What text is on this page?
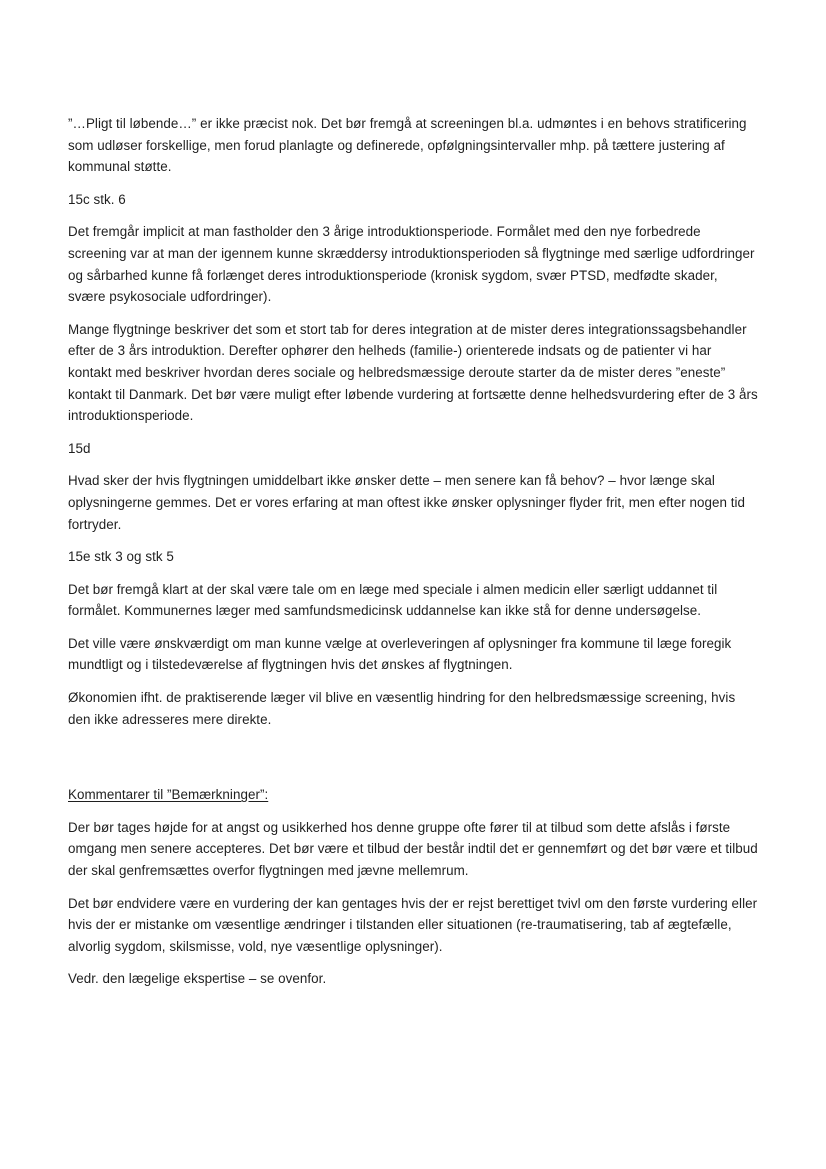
”…Pligt til løbende…” er ikke præcist nok. Det bør fremgå at screeningen bl.a. udmøntes i en behovs stratificering som udløser forskellige, men forud planlagte og definerede, opfølgningsintervaller mhp. på tættere justering af kommunal støtte.

15c stk. 6

Det fremgår implicit at man fastholder den 3 årige introduktionsperiode. Formålet med den nye forbedrede screening var at man der igennem kunne skræddersy introduktionsperioden så flygtninge med særlige udfordringer og sårbarhed kunne få forlænget deres introduktionsperiode (kronisk sygdom, svær PTSD, medfødte skader, svære psykosociale udfordringer).

Mange flygtninge beskriver det som et stort tab for deres integration at de mister deres integrationssagsbehandler efter de 3 års introduktion. Derefter ophører den helheds (familie-) orienterede indsats og de patienter vi har kontakt med beskriver hvordan deres sociale og helbredsmæssige deroute starter da de mister deres ”eneste” kontakt til Danmark. Det bør være muligt efter løbende vurdering at fortsætte denne helhedsvurdering efter de 3 års introduktionsperiode.

15d

Hvad sker der hvis flygtningen umiddelbart ikke ønsker dette – men senere kan få behov? – hvor længe skal oplysningerne gemmes. Det er vores erfaring at man oftest ikke ønsker oplysninger flyder frit, men efter nogen tid fortryder.

15e stk 3 og stk 5

Det bør fremgå klart at der skal være tale om en læge med speciale i almen medicin eller særligt uddannet til formålet. Kommunernes læger med samfundsmedicinsk uddannelse kan ikke stå for denne undersøgelse.

Det ville være ønskværdigt om man kunne vælge at overleveringen af oplysninger fra kommune til læge foregik mundtligt og i tilstedeværelse af flygtningen hvis det ønskes af flygtningen.

Økonomien ifht. de praktiserende læger vil blive en væsentlig hindring for den helbredsmæssige screening, hvis den ikke adresseres mere direkte.

Kommentarer til ”Bemærkninger”:

Der bør tages højde for at angst og usikkerhed hos denne gruppe ofte fører til at tilbud som dette afslås i første omgang men senere accepteres. Det bør være et tilbud der består indtil det er gennemført og det bør være et tilbud der skal genfremsættes overfor flygtningen med jævne mellemrum.

Det bør endvidere være en vurdering der kan gentages hvis der er rejst berettiget tvivl om den første vurdering eller hvis der er mistanke om væsentlige ændringer i tilstanden eller situationen (re-traumatisering, tab af ægtefælle, alvorlig sygdom, skilsmisse, vold, nye væsentlige oplysninger).

Vedr. den lægelige ekspertise – se ovenfor.
